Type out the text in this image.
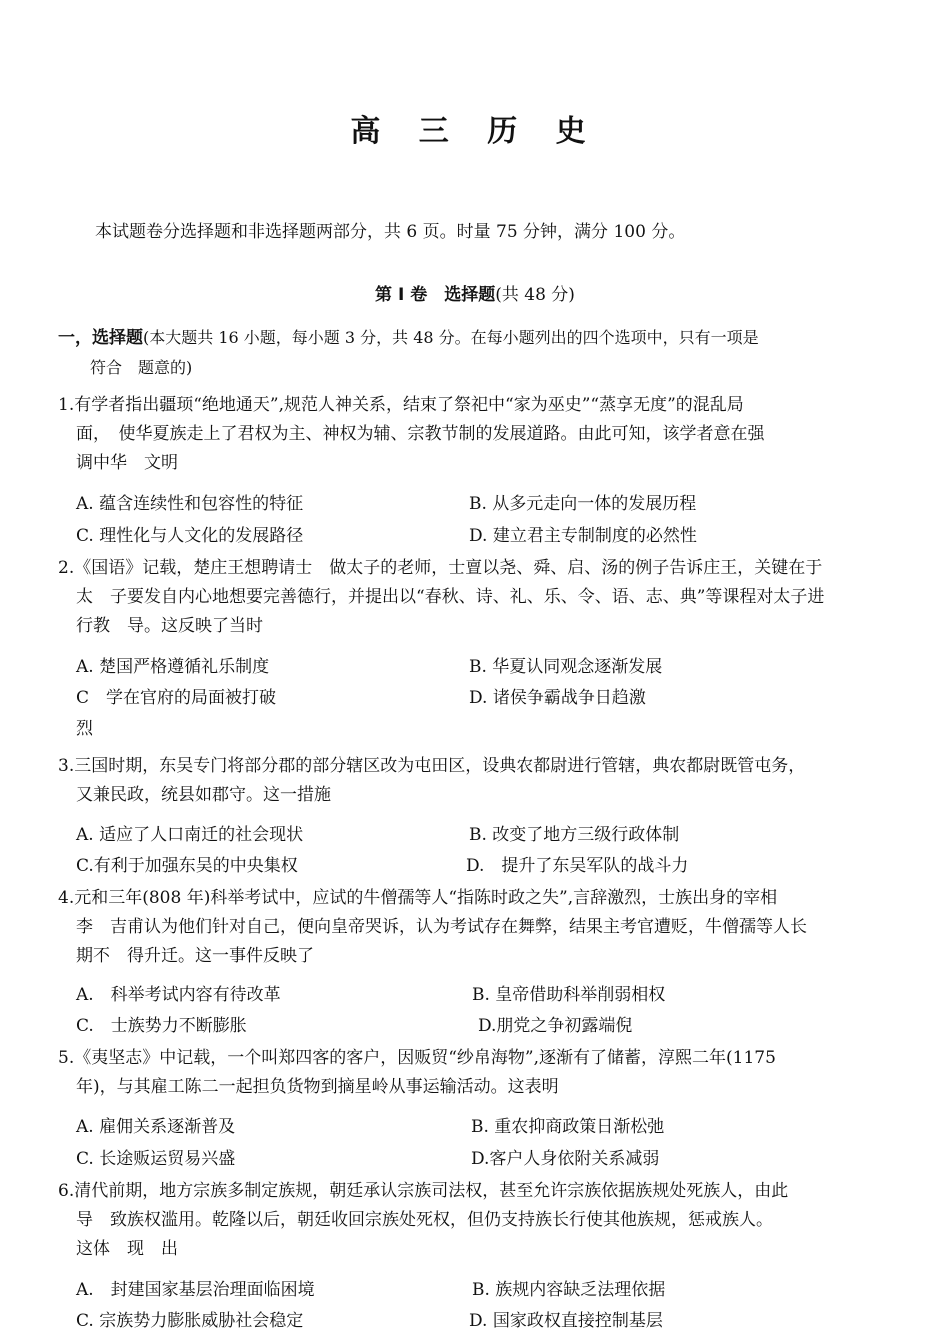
高 三 历 史
本试题卷分选择题和非选择题两部分，共 6 页。时量 75 分钟，满分 100 分。
第 I 卷　选择题(共 48 分)
一，选择题(本大题共 16 小题，每小题 3 分，共 48 分。在每小题列出的四个选项中，只有一项是
符合　题意的)
1.有学者指出疆顼“绝地通天”,规范人神关系，结束了祭祀中“家为巫史”“蒸享无度”的混乱局
面，　使华夏族走上了君权为主、神权为辅、宗教节制的发展道路。由此可知，该学者意在强
调中华　文明
A. 蕴含连续性和包容性的特征	B. 从多元走向一体的发展历程
C. 理性化与人文化的发展路径	D. 建立君主专制制度的必然性
2.《国语》记载，楚庄王想聘请士　做太子的老师，士亶以尧、舜、启、汤的例子告诉庄王，关键在于
太　子要发自内心地想要完善德行，并提出以“春秋、诗、礼、乐、令、语、志、典”等课程对太子进
行教　导。这反映了当时
A. 楚国严格遵循礼乐制度	B. 华夏认同观念逐渐发展
C　学在官府的局面被打破	D. 诸侯争霸战争日趋激
烈
3.三国时期，东吴专门将部分郡的部分辖区改为屯田区，设典农都尉进行管辖，典农都尉既管屯务，
又兼民政，统县如郡守。这一措施
A. 适应了人口南迁的社会现状	B. 改变了地方三级行政体制
C.有利于加强东吴的中央集权	D.　提升了东吴军队的战斗力
4.元和三年(808 年)科举考试中，应试的牛僧孺等人“指陈时政之失”,言辞激烈，士族出身的宰相
李　吉甫认为他们针对自己，便向皇帝哭诉，认为考试存在舞弊，结果主考官遭贬，牛僧孺等人长
期不　得升迁。这一事件反映了
A.　科举考试内容有待改革	B. 皇帝借助科举削弱相权
C.　士族势力不断膨胀	D.朋党之争初露端倪
5.《夷坚志》中记载，一个叫郑四客的客户，因贩贸“纱帛海物”,逐渐有了储蓄，淳熙二年(1175
年)，与其雇工陈二一起担负货物到摘星岭从事运输活动。这表明
A. 雇佣关系逐渐普及	B. 重农抑商政策日渐松弛
C. 长途贩运贸易兴盛	D.客户人身依附关系减弱
6.清代前期，地方宗族多制定族规，朝廷承认宗族司法权，甚至允许宗族依据族规处死族人，由此
导　致族权滥用。乾隆以后，朝廷收回宗族处死权，但仍支持族长行使其他族规，惩戒族人。
这体　现　出
A.　封建国家基层治理面临困境	B. 族规内容缺乏法理依据
C. 宗族势力膨胀威胁社会稳定	D. 国家政权直接控制基层
